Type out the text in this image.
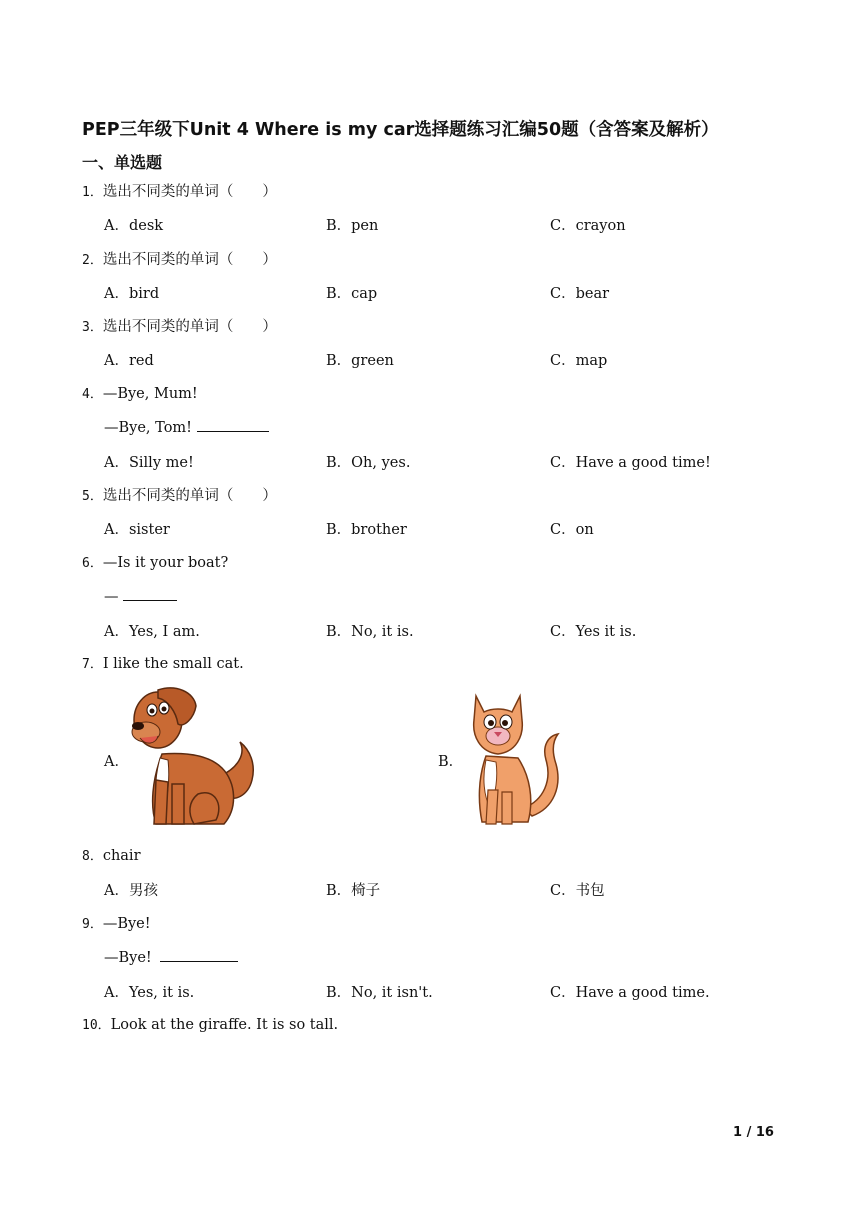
PEP三年级下Unit 4 Where is my car选择题练习汇编50题（含答案及解析）
一、单选题
1．选出不同类的单词（　　）
A．desk	B．pen	C．crayon
2．选出不同类的单词（　　）
A．bird	B．cap	C．bear
3．选出不同类的单词（　　）
A．red	B．green	C．map
4．—Bye, Mum!
—Bye, Tom!
A．Silly me!	B．Oh, yes.	C．Have a good time!
5．选出不同类的单词（　　）
A．sister	B．brother	C．on
6．—Is it your boat?
—
A．Yes, I am.	B．No, it is.	C．Yes it is.
7．I like the small cat.
A．	B．
8．chair
A．男孩	B．椅子	C．书包
9．—Bye!
—Bye!
A．Yes, it is.	B．No, it isn't.	C．Have a good time.
10．Look at the giraffe. It is so tall.
1 / 16
